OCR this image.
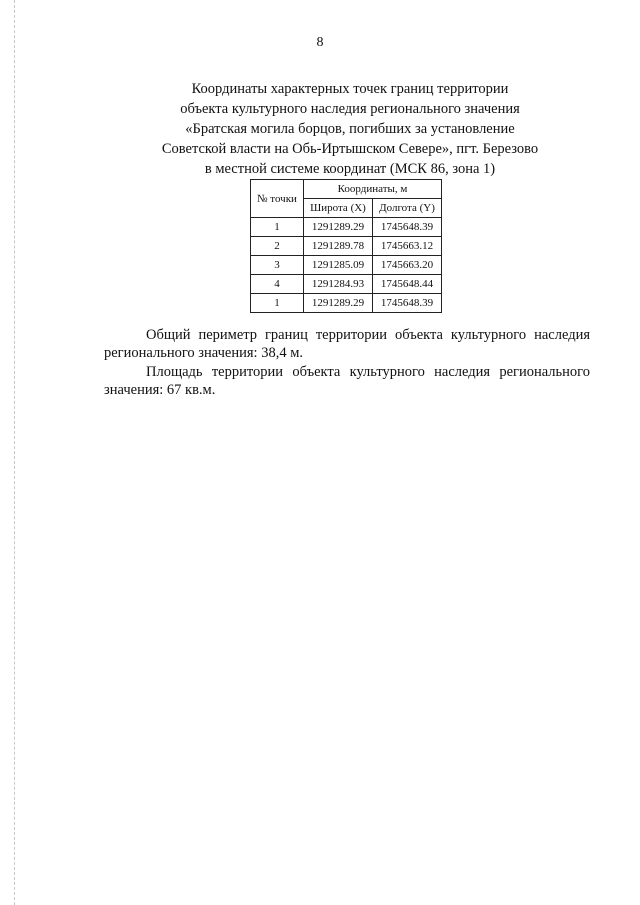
8
Координаты характерных точек границ территории
объекта культурного наследия регионального значения
«Братская могила борцов, погибших за установление
Советской власти на Обь-Иртышском Севере», пгт. Березово
в местной системе координат (МСК 86, зона 1)
№ точки	Координаты, м	
	Широта (X)	Долгота (Y)
1	1291289.29	1745648.39
2	1291289.78	1745663.12
3	1291285.09	1745663.20
4	1291284.93	1745648.44
1	1291289.29	1745648.39
Общий периметр границ территории объекта культурного наследия
регионального значения: 38,4 м.
Площадь территории объекта культурного наследия регионального
значения: 67 кв.м.
